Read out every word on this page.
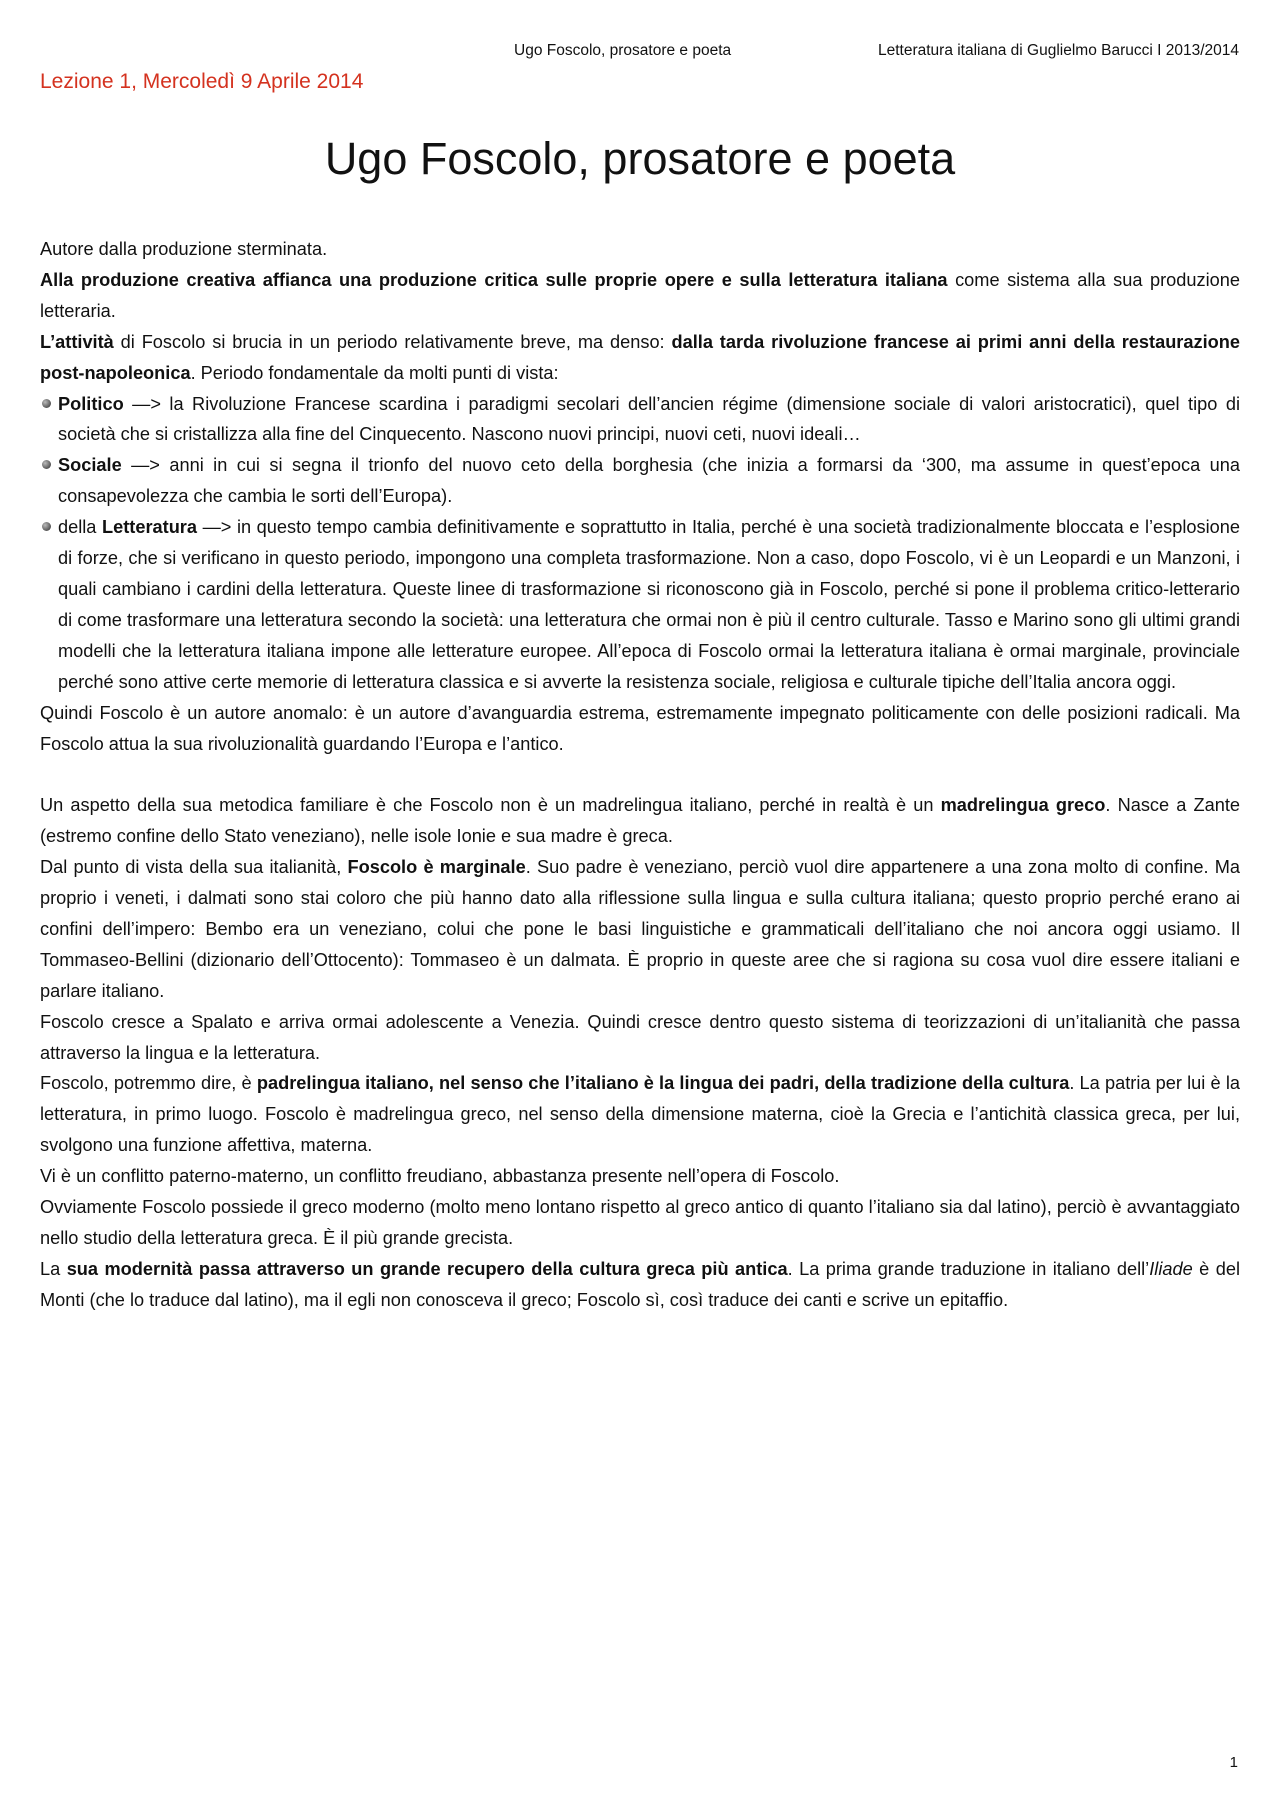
Ugo Foscolo, prosatore e poeta	Letteratura italiana di Guglielmo Barucci I 2013/2014
Lezione 1, Mercoledì 9 Aprile 2014
Ugo Foscolo, prosatore e poeta

Autore dalla produzione sterminata.

Alla produzione creativa affianca una produzione critica sulle proprie opere e sulla letteratura italiana come sistema alla sua produzione letteraria.

L’attività di Foscolo si brucia in un periodo relativamente breve, ma denso: dalla tarda rivoluzione francese ai primi anni della restaurazione post-napoleonica. Periodo fondamentale da molti punti di vista:

Politico —> la Rivoluzione Francese scardina i paradigmi secolari dell’ancien régime (dimensione sociale di valori aristocratici), quel tipo di società che si cristallizza alla fine del Cinquecento. Nascono nuovi principi, nuovi ceti, nuovi ideali…
Sociale —> anni in cui si segna il trionfo del nuovo ceto della borghesia (che inizia a formarsi da ‘300, ma assume in quest’epoca una consapevolezza che cambia le sorti dell’Europa).
della Letteratura —> in questo tempo cambia definitivamente e soprattutto in Italia, perché è una società tradizionalmente bloccata e l’esplosione di forze, che si verificano in questo periodo, impongono una completa trasformazione. Non a caso, dopo Foscolo, vi è un Leopardi e un Manzoni, i quali cambiano i cardini della letteratura. Queste linee di trasformazione si riconoscono già in Foscolo, perché si pone il problema critico-letterario di come trasformare una letteratura secondo la società: una letteratura che ormai non è più il centro culturale. Tasso e Marino sono gli ultimi grandi modelli che la letteratura italiana impone alle letterature europee. All’epoca di Foscolo ormai la letteratura italiana è ormai marginale, provinciale perché sono attive certe memorie di letteratura classica e si avverte la resistenza sociale, religiosa e culturale tipiche dell’Italia ancora oggi.

Quindi Foscolo è un autore anomalo: è un autore d’avanguardia estrema, estremamente impegnato politicamente con delle posizioni radicali. Ma Foscolo attua la sua rivoluzionalità guardando l’Europa e l’antico.

Un aspetto della sua metodica familiare è che Foscolo non è un madrelingua italiano, perché in realtà è un madrelingua greco. Nasce a Zante (estremo confine dello Stato veneziano), nelle isole Ionie e sua madre è greca.

Dal punto di vista della sua italianità, Foscolo è marginale. Suo padre è veneziano, perciò vuol dire appartenere a una zona molto di confine. Ma proprio i veneti, i dalmati sono stai coloro che più hanno dato alla riflessione sulla lingua e sulla cultura italiana; questo proprio perché erano ai confini dell’impero: Bembo era un veneziano, colui che pone le basi linguistiche e grammaticali dell’italiano che noi ancora oggi usiamo. Il Tommaseo-Bellini (dizionario dell’Ottocento): Tommaseo è un dalmata. È proprio in queste aree che si ragiona su cosa vuol dire essere italiani e parlare italiano.

Foscolo cresce a Spalato e arriva ormai adolescente a Venezia. Quindi cresce dentro questo sistema di teorizzazioni di un’italianità che passa attraverso la lingua e la letteratura.

Foscolo, potremmo dire, è padrelingua italiano, nel senso che l’italiano è la lingua dei padri, della tradizione della cultura. La patria per lui è la letteratura, in primo luogo. Foscolo è madrelingua greco, nel senso della dimensione materna, cioè la Grecia e l’antichità classica greca, per lui, svolgono una funzione affettiva, materna.

Vi è un conflitto paterno-materno, un conflitto freudiano, abbastanza presente nell’opera di Foscolo.

Ovviamente Foscolo possiede il greco moderno (molto meno lontano rispetto al greco antico di quanto l’italiano sia dal latino), perciò è avvantaggiato nello studio della letteratura greca. È il più grande grecista.

La sua modernità passa attraverso un grande recupero della cultura greca più antica. La prima grande traduzione in italiano dell’Iliade è del Monti (che lo traduce dal latino), ma il egli non conosceva il greco; Foscolo sì, così traduce dei canti e scrive un epitaffio.

1
